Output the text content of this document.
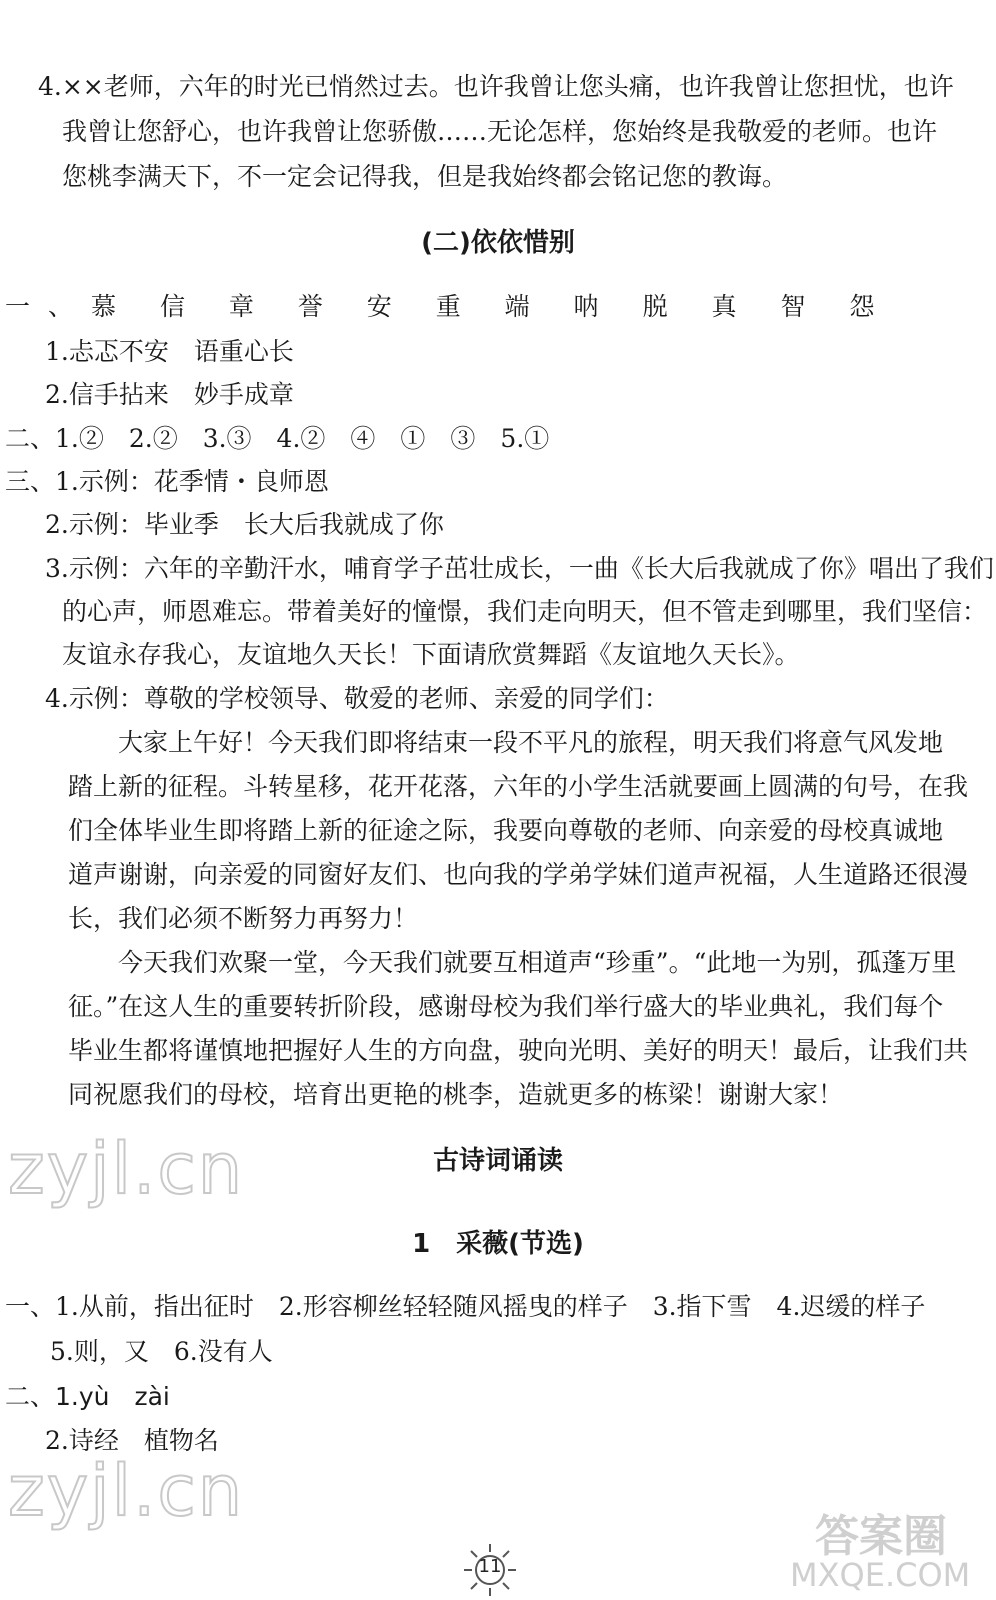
4.××老师，六年的时光已悄然过去。也许我曾让您头痛，也许我曾让您担忧，也许
我曾让您舒心，也许我曾让您骄傲……无论怎样，您始终是我敬爱的老师。也许
您桃李满天下，不一定会记得我，但是我始终都会铭记您的教诲。
(二)依依惜别
一、慕 信 章 誉 安 重 端 呐 脱 真 智 怨
1.忐忑不安　语重心长
2.信手拈来　妙手成章
二、1.②　2.②　3.③　4.②　④　①　③　5.①
三、1.示例：花季情・良师恩
2.示例：毕业季　长大后我就成了你
3.示例：六年的辛勤汗水，哺育学子茁壮成长，一曲《长大后我就成了你》唱出了我们
的心声，师恩难忘。带着美好的憧憬，我们走向明天，但不管走到哪里，我们坚信：
友谊永存我心，友谊地久天长！下面请欣赏舞蹈《友谊地久天长》。
4.示例：尊敬的学校领导、敬爱的老师、亲爱的同学们：
大家上午好！今天我们即将结束一段不平凡的旅程，明天我们将意气风发地
踏上新的征程。斗转星移，花开花落，六年的小学生活就要画上圆满的句号，在我
们全体毕业生即将踏上新的征途之际，我要向尊敬的老师、向亲爱的母校真诚地
道声谢谢，向亲爱的同窗好友们、也向我的学弟学妹们道声祝福，人生道路还很漫
长，我们必须不断努力再努力！
今天我们欢聚一堂，今天我们就要互相道声“珍重”。“此地一为别，孤蓬万里
征。”在这人生的重要转折阶段，感谢母校为我们举行盛大的毕业典礼，我们每个
毕业生都将谨慎地把握好人生的方向盘，驶向光明、美好的明天！最后，让我们共
同祝愿我们的母校，培育出更艳的桃李，造就更多的栋梁！谢谢大家！
zyjl.cn	古诗词诵读
1　采薇(节选)
一、1.从前，指出征时　2.形容柳丝轻轻随风摇曳的样子　3.指下雪　4.迟缓的样子
5.则，又　6.没有人
二、1.yù　zài
2.诗经　植物名
zyjl.cn
11
答案圈
MXQE.COM
